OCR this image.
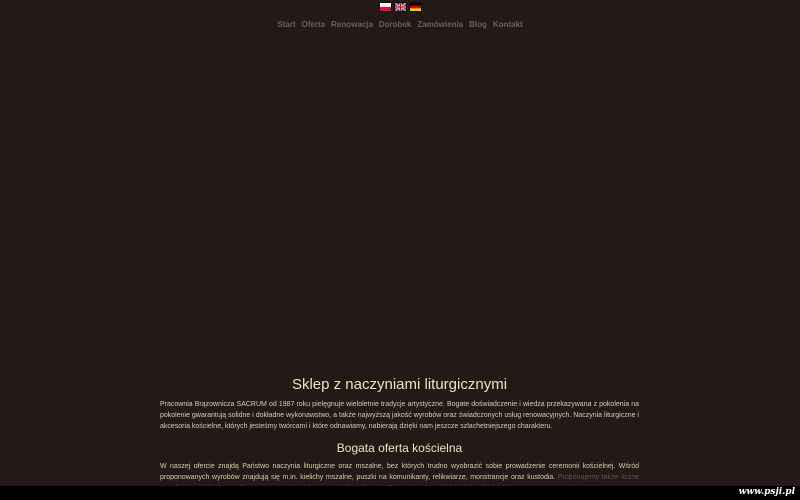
Start Oferta Renowacja Dorobek Zamówienia Blog Kontakt
Sklep z naczyniami liturgicznymi

Pracownia Brązownicza SACRUM od 1987 roku pielęgnuje wieloletnie tradycje artystyczne. Bogate doświadczenie i wiedza przekazywana z pokolenia na pokolenie gwarantują solidne i dokładne wykonawstwo, a także najwyższą jakość wyrobów oraz świadczonych usług renowacyjnych. Naczynia liturgiczne i akcesoria kościelne, których jesteśmy twórcami i które odnawiamy, nabierają dzięki nam jeszcze szlachetniejszego charakteru.

Bogata oferta kościelna

W naszej ofercie znajdą Państwo naczynia liturgiczne oraz mszalne, bez których trudno wyobrazić sobie prowadzenie ceremonii kościelnej. Wśród proponowanych wyrobów znajdują się m.in. kielichy mszalne, puszki na komunikanty, relikwiarze, monstrancje oraz kustodia. Proponujemy także liczne

www.psji.pl
